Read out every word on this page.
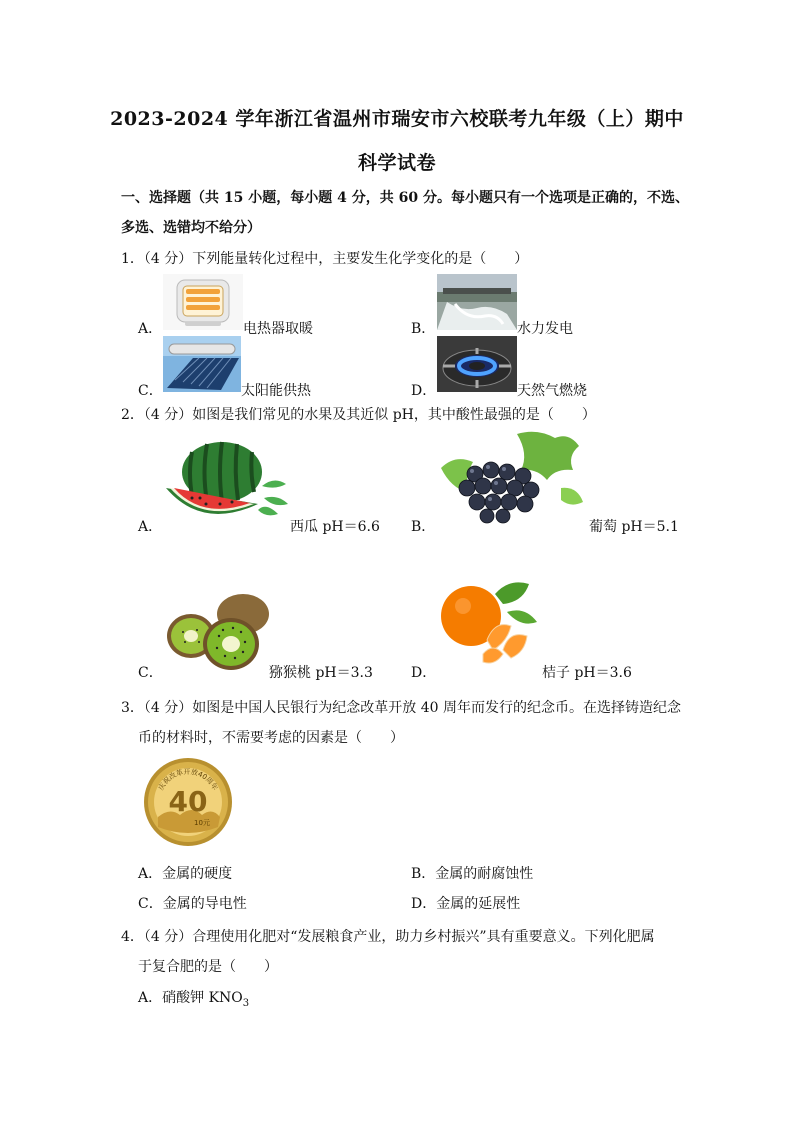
2023-2024 学年浙江省温州市瑞安市六校联考九年级（上）期中
科学试卷
一、选择题（共 15 小题，每小题 4 分，共 60 分。每小题只有一个选项是正确的，不选、
多选、选错均不给分）
1．（4 分）下列能量转化过程中，主要发生化学变化的是（　　）
A．	电热器取暖	B．	水力发电
C．	太阳能供热	D．	天然气燃烧
2．（4 分）如图是我们常见的水果及其近似 pH，其中酸性最强的是（　　）
A．	西瓜 pH＝6.6 B．	葡萄 pH＝5.1
C．	猕猴桃 pH＝3.3	D．	桔子 pH＝3.6
3．（4 分）如图是中国人民银行为纪念改革开放 40 周年而发行的纪念币。在选择铸造纪念
币的材料时，不需要考虑的因素是（　　）
庆祝改革开放40周年
40
10元
A．金属的硬度	B．金属的耐腐蚀性
C．金属的导电性	D．金属的延展性
4．（4 分）合理使用化肥对“发展粮食产业，助力乡村振兴”具有重要意义。下列化肥属
于复合肥的是（　　）
A．硝酸钾 $KNO_3$
